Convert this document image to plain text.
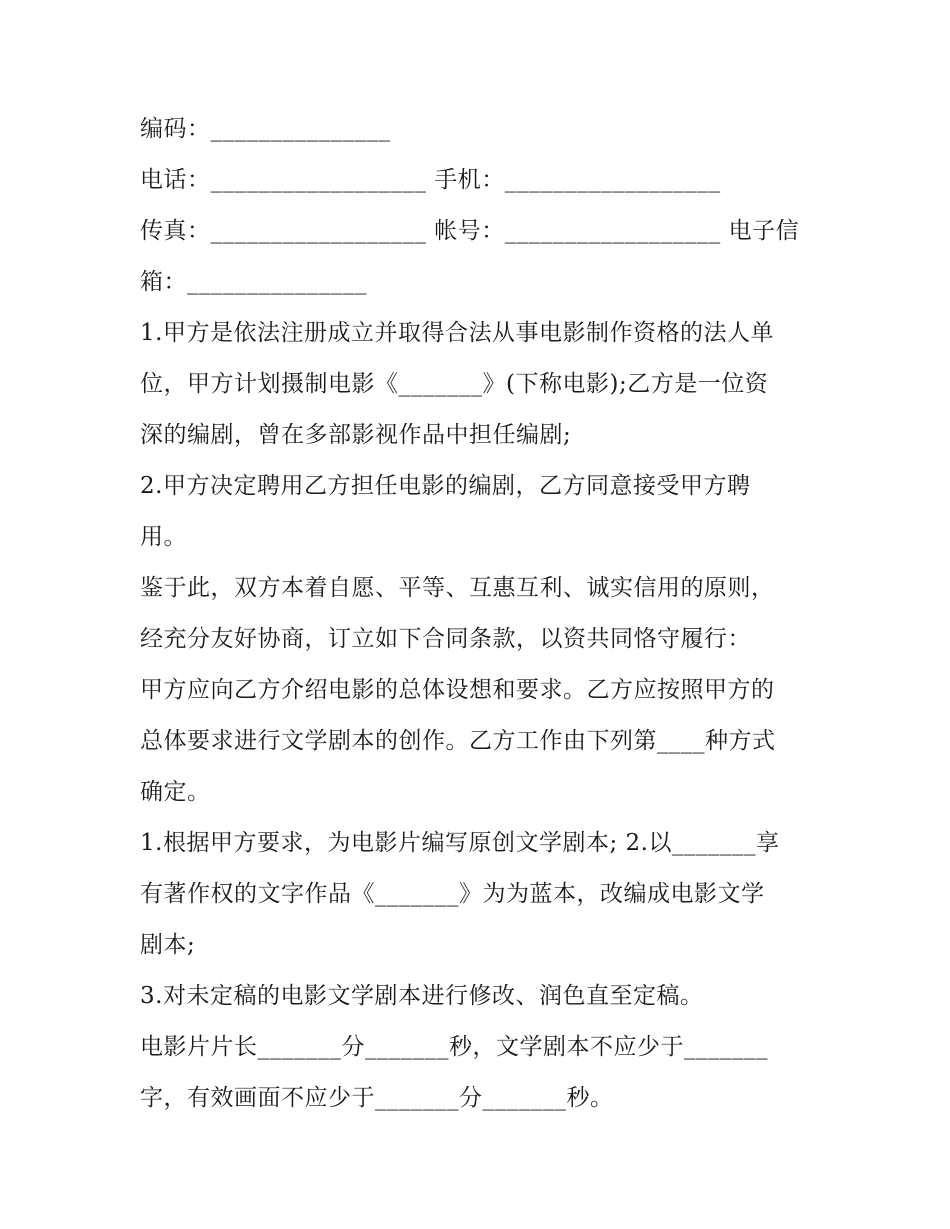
编码：_______________
电话：__________________ 手机：__________________
传真：__________________ 帐号：__________________ 电子信
箱：_______________
1.甲方是依法注册成立并取得合法从事电影制作资格的法人单
位，甲方计划摄制电影《_______》(下称电影);乙方是一位资
深的编剧，曾在多部影视作品中担任编剧;
2.甲方决定聘用乙方担任电影的编剧，乙方同意接受甲方聘
用。
鉴于此，双方本着自愿、平等、互惠互利、诚实信用的原则，
经充分友好协商，订立如下合同条款，以资共同恪守履行：
甲方应向乙方介绍电影的总体设想和要求。乙方应按照甲方的
总体要求进行文学剧本的创作。乙方工作由下列第____种方式
确定。
1.根据甲方要求，为电影片编写原创文学剧本; 2.以_______享
有著作权的文字作品《_______》为为蓝本，改编成电影文学
剧本;
3.对未定稿的电影文学剧本进行修改、润色直至定稿。
电影片片长_______分_______秒，文学剧本不应少于_______
字，有效画面不应少于_______分_______秒。
